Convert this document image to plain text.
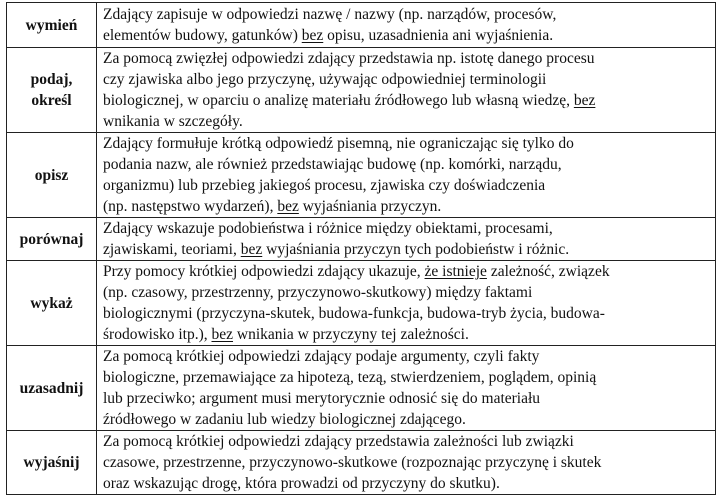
wymień	Zdający zapisuje w odpowiedzi nazwę / nazwy (np. narządów, procesów,
elementów budowy, gatunków) bez opisu, uzasadnienia ani wyjaśnienia.

podaj,
określ	Za pomocą zwięzłej odpowiedzi zdający przedstawia np. istotę danego procesu
czy zjawiska albo jego przyczynę, używając odpowiedniej terminologii
biologicznej, w oparciu o analizę materiału źródłowego lub własną wiedzę, bez
wnikania w szczegóły.

opisz	Zdający formułuje krótką odpowiedź pisemną, nie ograniczając się tylko do
podania nazw, ale również przedstawiając budowę (np. komórki, narządu,
organizmu) lub przebieg jakiegoś procesu, zjawiska czy doświadczenia
(np. następstwo wydarzeń), bez wyjaśniania przyczyn.

porównaj	Zdający wskazuje podobieństwa i różnice między obiektami, procesami,
zjawiskami, teoriami, bez wyjaśniania przyczyn tych podobieństw i różnic.

wykaż	Przy pomocy krótkiej odpowiedzi zdający ukazuje, że istnieje zależność, związek
(np. czasowy, przestrzenny, przyczynowo-skutkowy) między faktami
biologicznymi (przyczyna-skutek, budowa-funkcja, budowa-tryb życia, budowa-
środowisko itp.), bez wnikania w przyczyny tej zależności.

uzasadnij	Za pomocą krótkiej odpowiedzi zdający podaje argumenty, czyli fakty
biologiczne, przemawiające za hipotezą, tezą, stwierdzeniem, poglądem, opinią
lub przeciwko; argument musi merytorycznie odnosić się do materiału
źródłowego w zadaniu lub wiedzy biologicznej zdającego.

wyjaśnij	Za pomocą krótkiej odpowiedzi zdający przedstawia zależności lub związki
czasowe, przestrzenne, przyczynowo-skutkowe (rozpoznając przyczynę i skutek
oraz wskazując drogę, która prowadzi od przyczyny do skutku).
